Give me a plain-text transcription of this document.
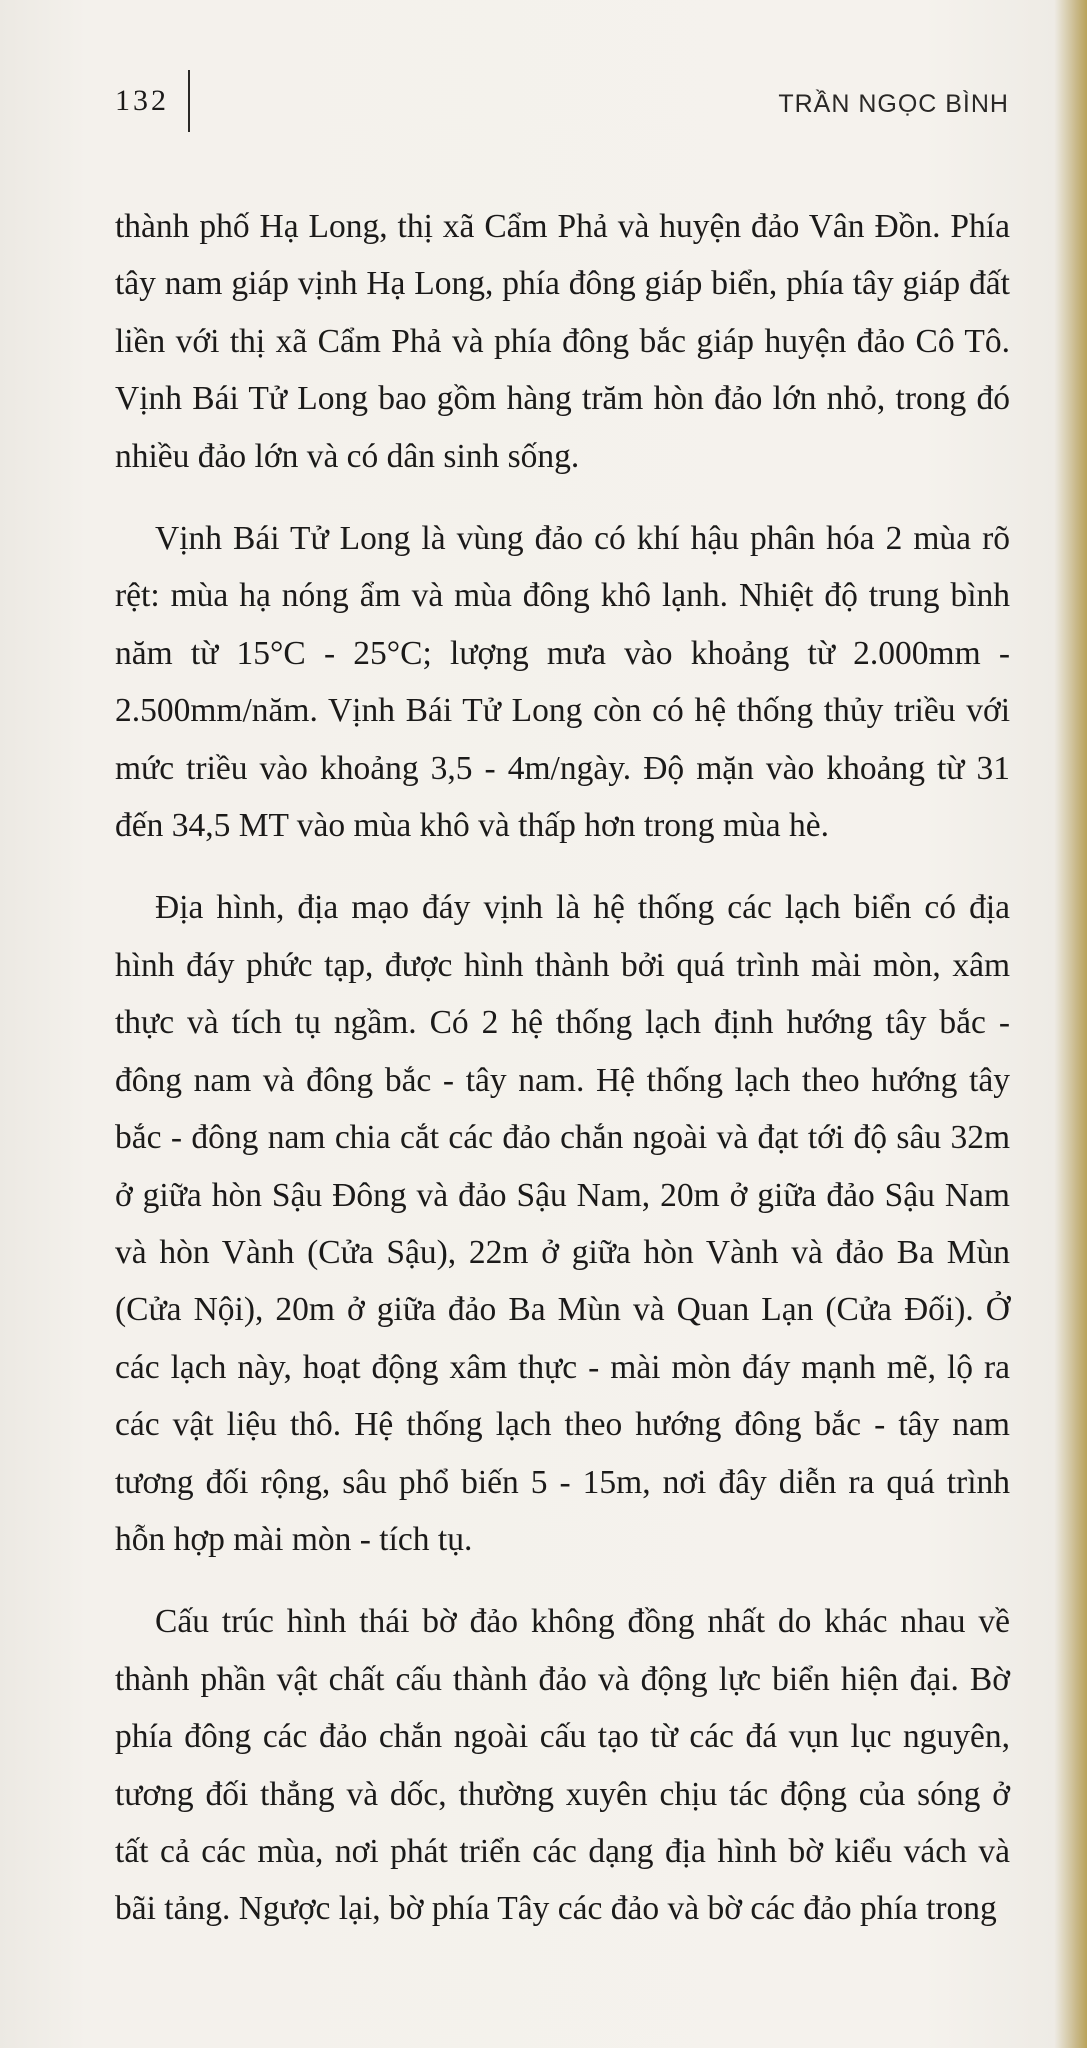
132	TRẦN NGỌC BÌNH

thành phố Hạ Long, thị xã Cẩm Phả và huyện đảo Vân Đồn. Phía tây nam giáp vịnh Hạ Long, phía đông giáp biển, phía tây giáp đất liền với thị xã Cẩm Phả và phía đông bắc giáp huyện đảo Cô Tô. Vịnh Bái Tử Long bao gồm hàng trăm hòn đảo lớn nhỏ, trong đó nhiều đảo lớn và có dân sinh sống.

Vịnh Bái Tử Long là vùng đảo có khí hậu phân hóa 2 mùa rõ rệt: mùa hạ nóng ẩm và mùa đông khô lạnh. Nhiệt độ trung bình năm từ 15°C - 25°C; lượng mưa vào khoảng từ 2.000mm - 2.500mm/năm. Vịnh Bái Tử Long còn có hệ thống thủy triều với mức triều vào khoảng 3,5 - 4m/ngày. Độ mặn vào khoảng từ 31 đến 34,5 MT vào mùa khô và thấp hơn trong mùa hè.

Địa hình, địa mạo đáy vịnh là hệ thống các lạch biển có địa hình đáy phức tạp, được hình thành bởi quá trình mài mòn, xâm thực và tích tụ ngầm. Có 2 hệ thống lạch định hướng tây bắc - đông nam và đông bắc - tây nam. Hệ thống lạch theo hướng tây bắc - đông nam chia cắt các đảo chắn ngoài và đạt tới độ sâu 32m ở giữa hòn Sậu Đông và đảo Sậu Nam, 20m ở giữa đảo Sậu Nam và hòn Vành (Cửa Sậu), 22m ở giữa hòn Vành và đảo Ba Mùn (Cửa Nội), 20m ở giữa đảo Ba Mùn và Quan Lạn (Cửa Đối). Ở các lạch này, hoạt động xâm thực - mài mòn đáy mạnh mẽ, lộ ra các vật liệu thô. Hệ thống lạch theo hướng đông bắc - tây nam tương đối rộng, sâu phổ biến 5 - 15m, nơi đây diễn ra quá trình hỗn hợp mài mòn - tích tụ.

Cấu trúc hình thái bờ đảo không đồng nhất do khác nhau về thành phần vật chất cấu thành đảo và động lực biển hiện đại. Bờ phía đông các đảo chắn ngoài cấu tạo từ các đá vụn lục nguyên, tương đối thẳng và dốc, thường xuyên chịu tác động của sóng ở tất cả các mùa, nơi phát triển các dạng địa hình bờ kiểu vách và bãi tảng. Ngược lại, bờ phía Tây các đảo và bờ các đảo phía trong
